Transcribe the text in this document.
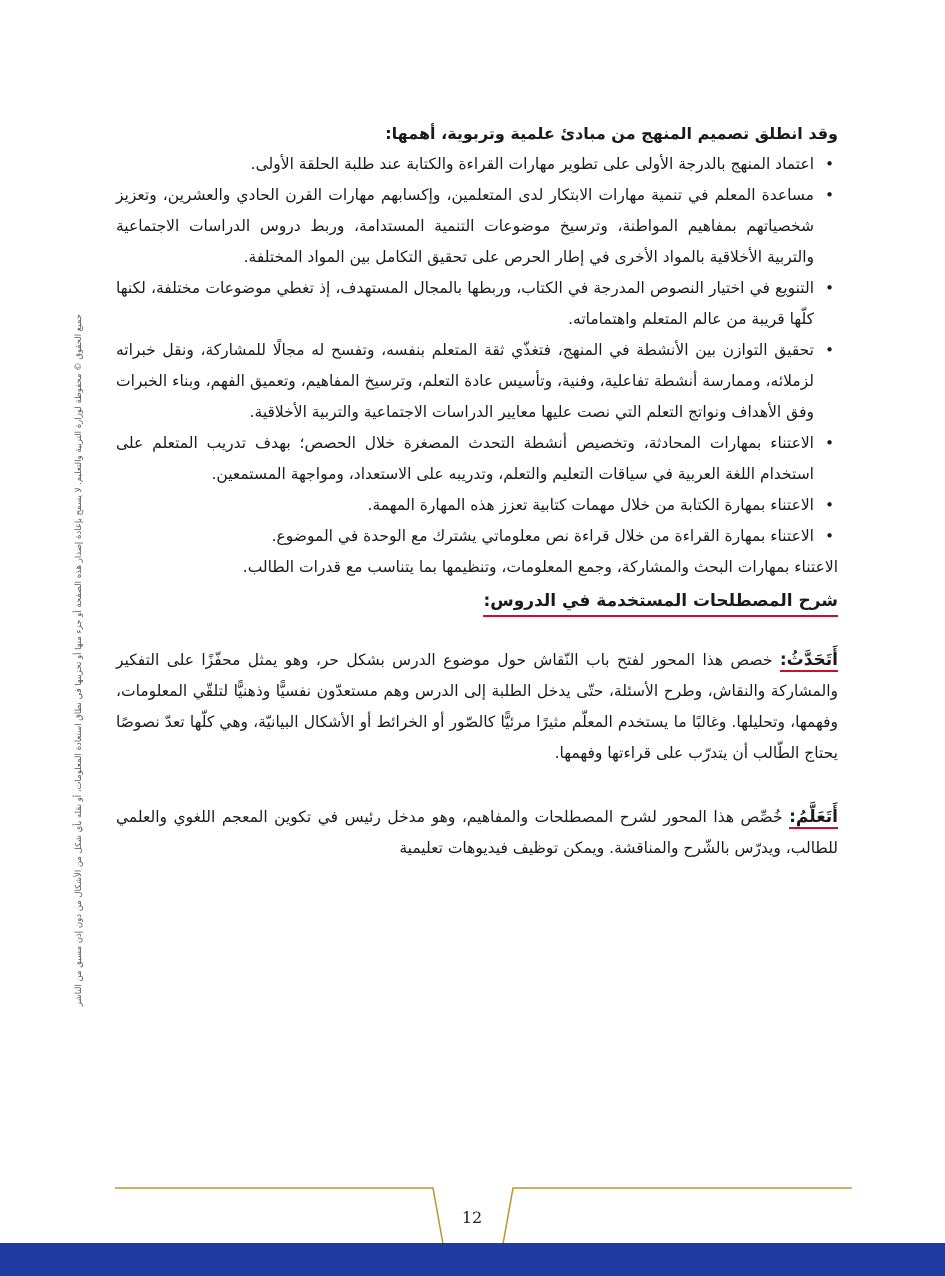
جميع الحقوق © محفوظة لوزارة التربية والتعليم. لا يسمح بإعادة إصدار هذه الصفحة أو جزء منها أو تخزينها في نطاق استعادة المعلومات، أو نقله بأي شكل من الأشكال من دون إذن مسبق من الناشر

وقد انطلق تصميم المنهج من مبادئ علمية وتربوية، أهمها:

• اعتماد المنهج بالدرجة الأولى على تطوير مهارات القراءة والكتابة عند طلبة الحلقة الأولى.
• مساعدة المعلم في تنمية مهارات الابتكار لدى المتعلمين، وإكسابهم مهارات القرن الحادي والعشرين، وتعزيز شخصياتهم بمفاهيم المواطنة، وترسيخ موضوعات التنمية المستدامة، وربط دروس الدراسات الاجتماعية والتربية الأخلاقية بالمواد الأخرى في إطار الحرص على تحقيق التكامل بين المواد المختلفة.
• التنويع في اختيار النصوص المدرجة في الكتاب، وربطها بالمجال المستهدف، إذ تغطي موضوعات مختلفة، لكنها كلّها قريبة من عالم المتعلم واهتماماته.
• تحقيق التوازن بين الأنشطة في المنهج، فتغذّي ثقة المتعلم بنفسه، وتفسح له مجالًا للمشاركة، ونقل خبراته لزملائه، وممارسة أنشطة تفاعلية، وفنية، وتأسيس عادة التعلم، وترسيخ المفاهيم، وتعميق الفهم، وبناء الخبرات وفق الأهداف ونواتج التعلم التي نصت عليها معايير الدراسات الاجتماعية والتربية الأخلاقية.
• الاعتناء بمهارات المحادثة، وتخصيص أنشطة التحدث المصغرة خلال الحصص؛ بهدف تدريب المتعلم على استخدام اللغة العربية في سياقات التعليم والتعلم، وتدريبه على الاستعداد، ومواجهة المستمعين.
• الاعتناء بمهارة الكتابة من خلال مهمات كتابية تعزز هذه المهارة المهمة.
• الاعتناء بمهارة القراءة من خلال قراءة نص معلوماتي يشترك مع الوحدة في الموضوع.

الاعتناء بمهارات البحث والمشاركة، وجمع المعلومات، وتنظيمها بما يتناسب مع قدرات الطالب.

شرح المصطلحات المستخدمة في الدروس:

أَتَحَدَّثُ: خصص هذا المحور لفتح باب النّقاش حول موضوع الدرس بشكل حر، وهو يمثل محفّزًا على التفكير والمشاركة والنقاش، وطرح الأسئلة، حتّى يدخل الطلبة إلى الدرس وهم مستعدّون نفسيًّا وذهنيًّا لتلقّي المعلومات، وفهمها، وتحليلها. وغالبًا ما يستخدم المعلّم مثيرًا مرئيًّا كالصّور أو الخرائط أو الأشكال البيانيّة، وهي كلّها تعدّ نصوصًا يحتاج الطّالب أن يتدرّب على قراءتها وفهمها.

أَتَعَلَّمُ: خُصِّص هذا المحور لشرح المصطلحات والمفاهيم، وهو مدخل رئيس في تكوين المعجم اللغوي والعلمي للطالب، ويدرّس بالشّرح والمناقشة. ويمكن توظيف فيديوهات تعليمية

12
